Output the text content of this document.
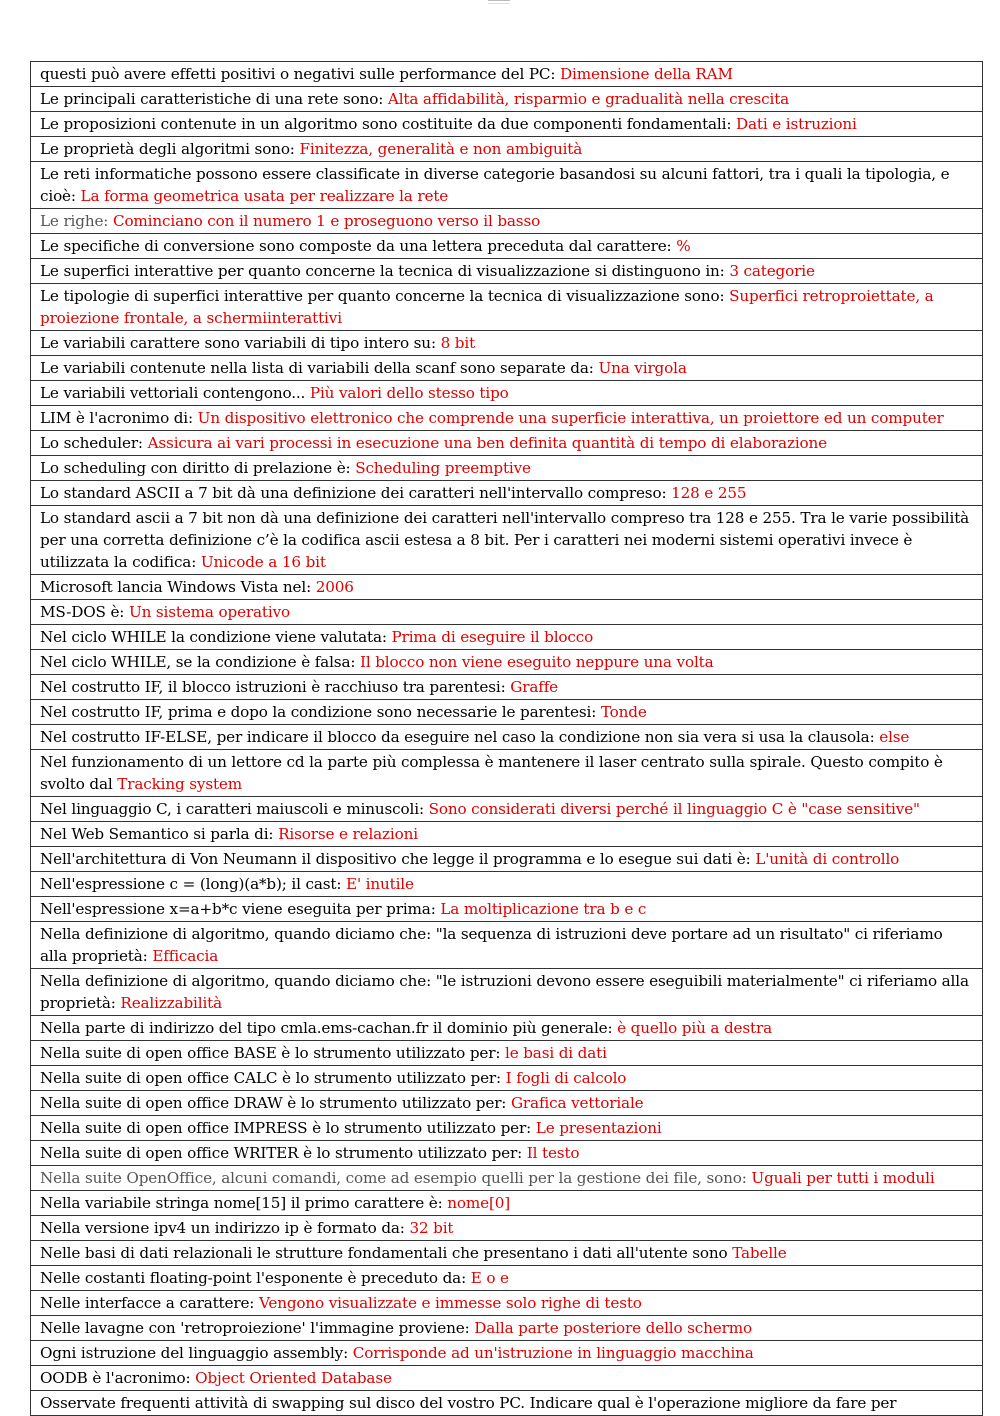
questi può avere effetti positivi o negativi sulle performance del PC: Dimensione della RAM
Le principali caratteristiche di una rete sono: Alta affidabilità, risparmio e gradualità nella crescita
Le proposizioni contenute in un algoritmo sono costituite da due componenti fondamentali: Dati e istruzioni
Le proprietà degli algoritmi sono: Finitezza, generalità e non ambiguità
Le reti informatiche possono essere classificate in diverse categorie basandosi su alcuni fattori, tra i quali la tipologia, e cioè: La forma geometrica usata per realizzare la rete
Le righe: Cominciano con il numero 1 e proseguono verso il basso
Le specifiche di conversione sono composte da una lettera preceduta dal carattere: %
Le superfici interattive per quanto concerne la tecnica di visualizzazione si distinguono in: 3 categorie
Le tipologie di superfici interattive per quanto concerne la tecnica di visualizzazione sono: Superfici retroproiettate, a proiezione frontale, a schermiinterattivi
Le variabili carattere sono variabili di tipo intero su: 8 bit
Le variabili contenute nella lista di variabili della scanf sono separate da: Una virgola
Le variabili vettoriali contengono... Più valori dello stesso tipo
LIM è l'acronimo di: Un dispositivo elettronico che comprende una superficie interattiva, un proiettore ed un computer
Lo scheduler: Assicura ai vari processi in esecuzione una ben definita quantità di tempo di elaborazione
Lo scheduling con diritto di prelazione è: Scheduling preemptive
Lo standard ASCII a 7 bit dà una definizione dei caratteri nell'intervallo compreso: 128 e 255
Lo standard ascii a 7 bit non dà una definizione dei caratteri nell'intervallo compreso tra 128 e 255. Tra le varie possibilità per una corretta definizione c’è la codifica ascii estesa a 8 bit. Per i caratteri nei moderni sistemi operativi invece è utilizzata la codifica: Unicode a 16 bit
Microsoft lancia Windows Vista nel: 2006
MS-DOS è: Un sistema operativo
Nel ciclo WHILE la condizione viene valutata: Prima di eseguire il blocco
Nel ciclo WHILE, se la condizione è falsa: Il blocco non viene eseguito neppure una volta
Nel costrutto IF, il blocco istruzioni è racchiuso tra parentesi: Graffe
Nel costrutto IF, prima e dopo la condizione sono necessarie le parentesi: Tonde
Nel costrutto IF-ELSE, per indicare il blocco da eseguire nel caso la condizione non sia vera si usa la clausola: else
Nel funzionamento di un lettore cd la parte più complessa è mantenere il laser centrato sulla spirale. Questo compito è svolto dal Tracking system
Nel linguaggio C, i caratteri maiuscoli e minuscoli: Sono considerati diversi perché il linguaggio C è "case sensitive"
Nel Web Semantico si parla di: Risorse e relazioni
Nell'architettura di Von Neumann il dispositivo che legge il programma e lo esegue sui dati è: L'unità di controllo
Nell'espressione c = (long)(a*b); il cast: E' inutile
Nell'espressione x=a+b*c viene eseguita per prima: La moltiplicazione tra b e c
Nella definizione di algoritmo, quando diciamo che: "la sequenza di istruzioni deve portare ad un risultato" ci riferiamo alla proprietà: Efficacia
Nella definizione di algoritmo, quando diciamo che: "le istruzioni devono essere eseguibili materialmente" ci riferiamo alla proprietà: Realizzabilità
Nella parte di indirizzo del tipo cmla.ems-cachan.fr il dominio più generale: è quello più a destra
Nella suite di open office BASE è lo strumento utilizzato per: le basi di dati
Nella suite di open office CALC è lo strumento utilizzato per: I fogli di calcolo
Nella suite di open office DRAW è lo strumento utilizzato per: Grafica vettoriale
Nella suite di open office IMPRESS è lo strumento utilizzato per: Le presentazioni
Nella suite di open office WRITER è lo strumento utilizzato per: Il testo
Nella suite OpenOffice, alcuni comandi, come ad esempio quelli per la gestione dei file, sono: Uguali per tutti i moduli
Nella variabile stringa nome[15] il primo carattere è: nome[0]
Nella versione ipv4 un indirizzo ip è formato da: 32 bit
Nelle basi di dati relazionali le strutture fondamentali che presentano i dati all'utente sono Tabelle
Nelle costanti floating-point l'esponente è preceduto da: E o e
Nelle interfacce a carattere: Vengono visualizzate e immesse solo righe di testo
Nelle lavagne con 'retroproiezione' l'immagine proviene: Dalla parte posteriore dello schermo
Ogni istruzione del linguaggio assembly: Corrisponde ad un'istruzione in linguaggio macchina
OODB è l'acronimo: Object Oriented Database
Osservate frequenti attività di swapping sul disco del vostro PC. Indicare qual è l'operazione migliore da fare per
